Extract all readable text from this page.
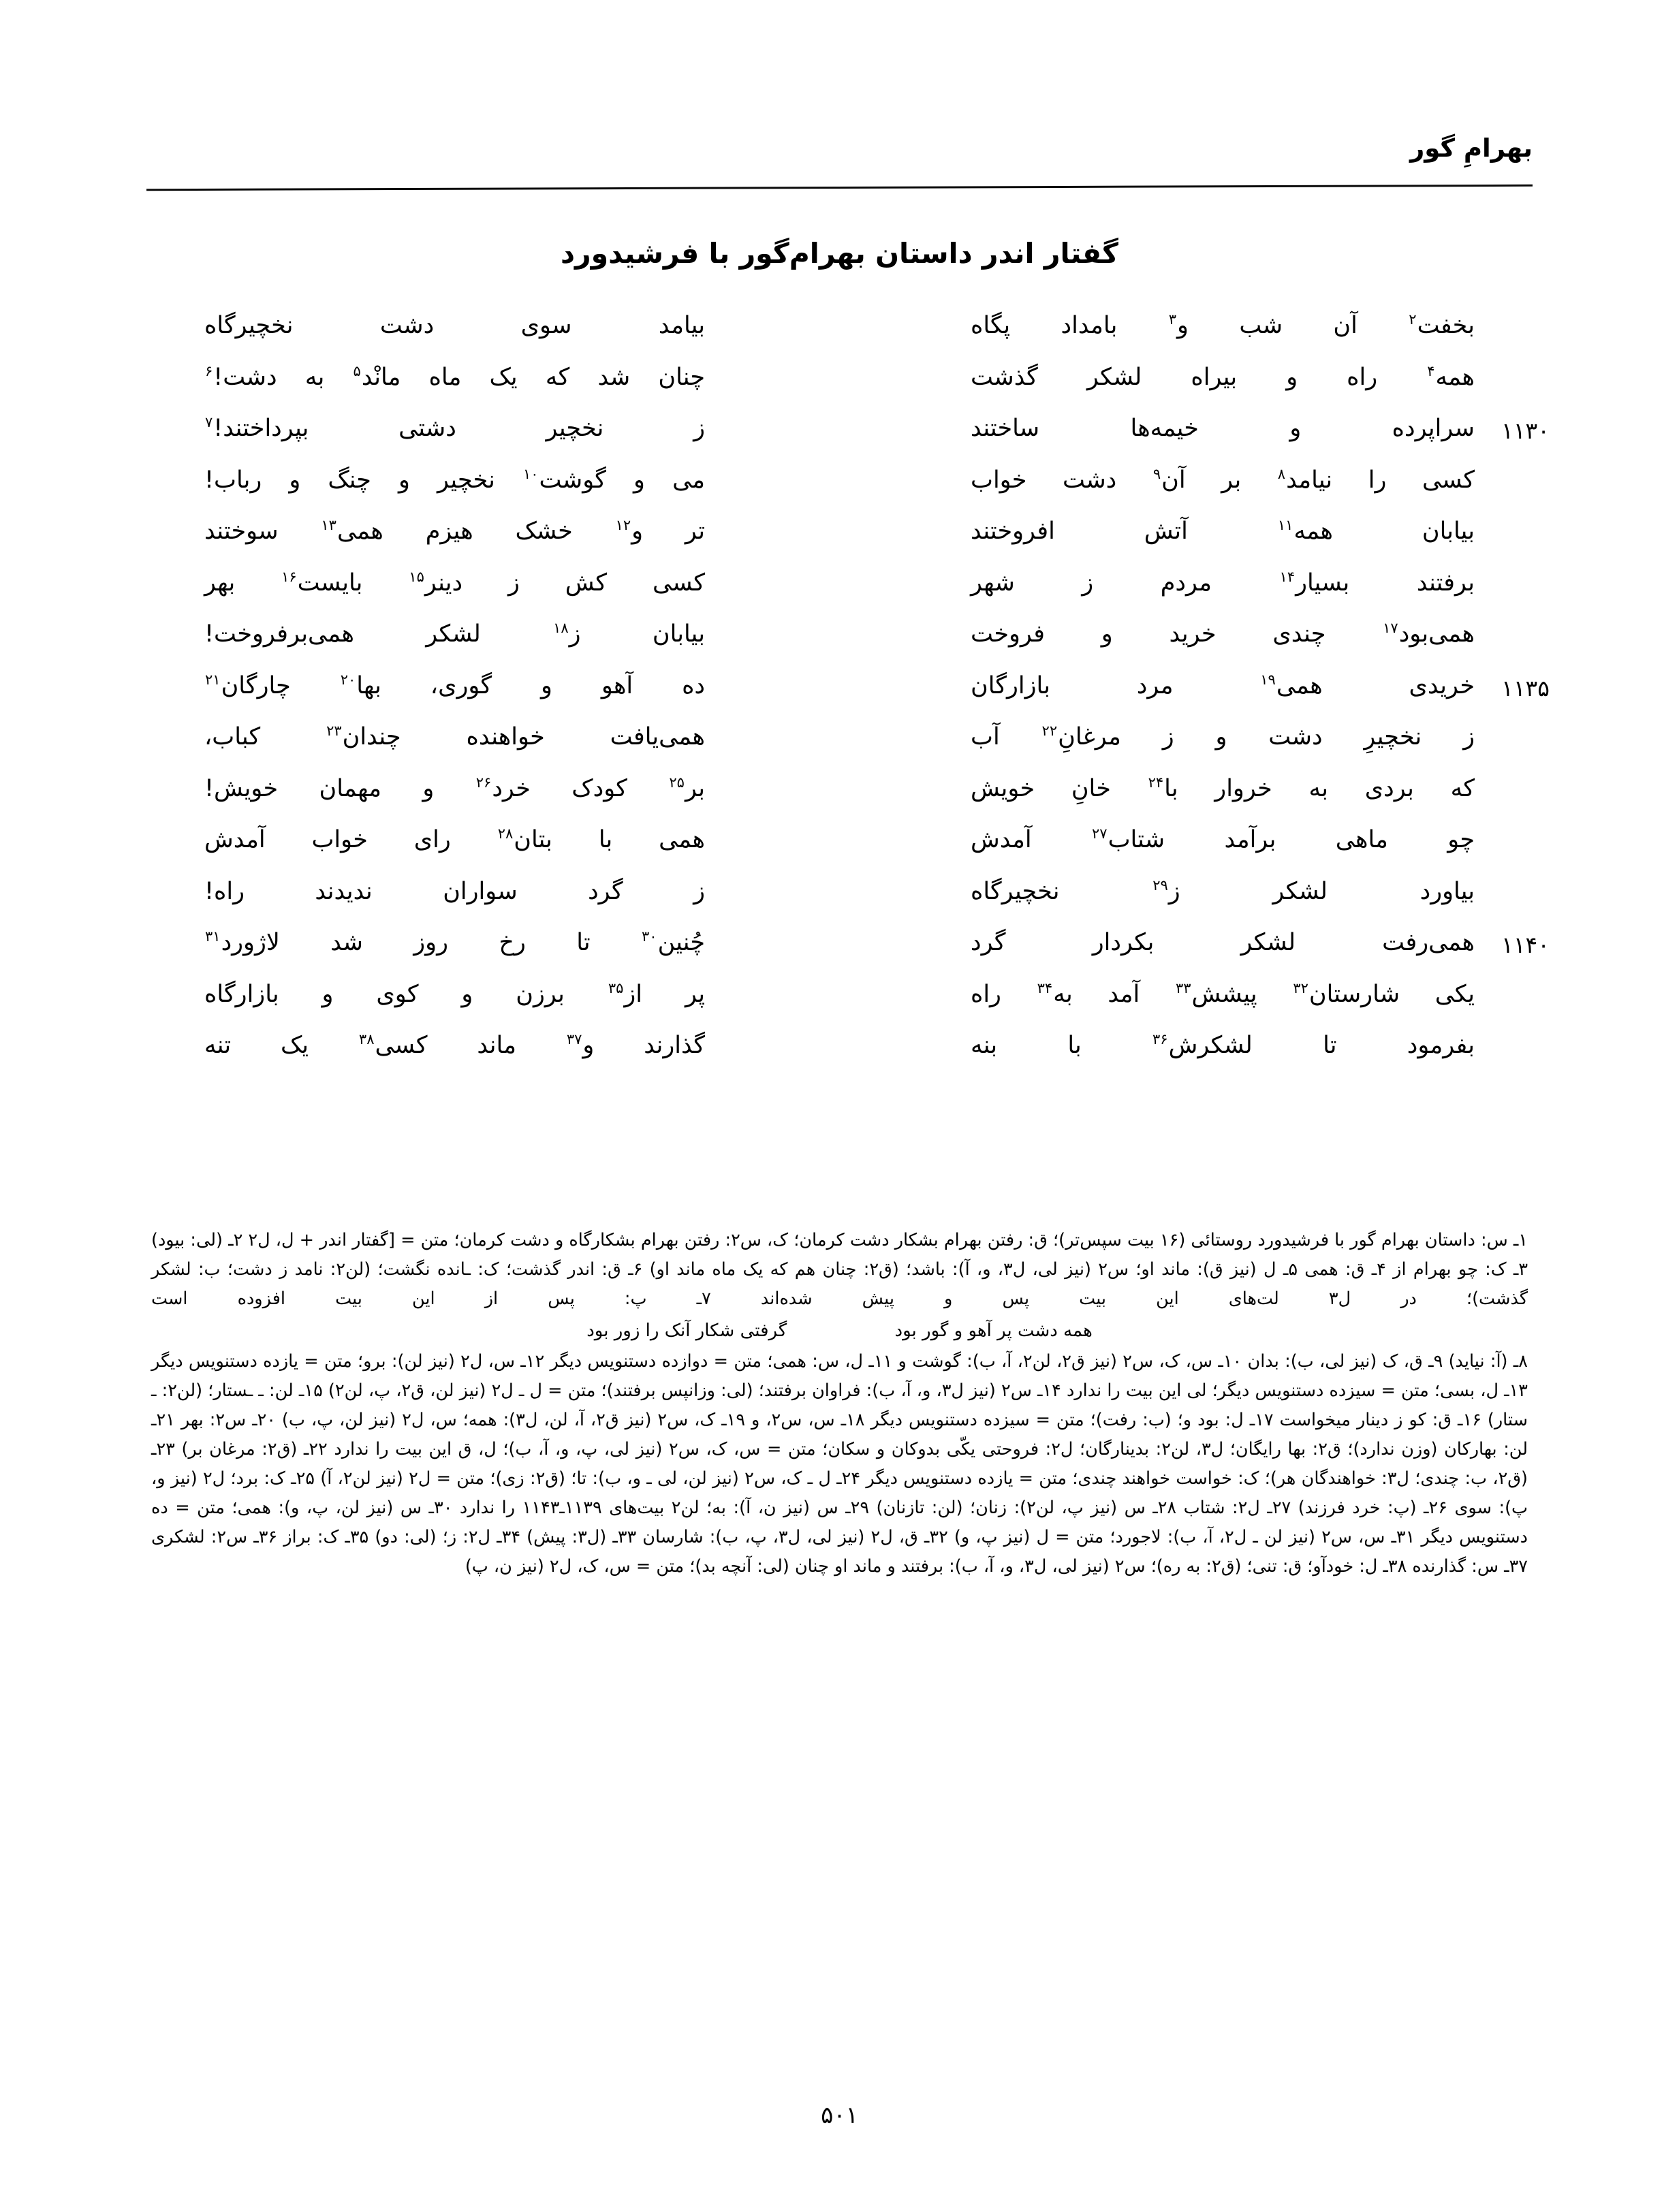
بهرامِ گور
گفتار اندر داستان بهرام‌گور با فرشیدورد
بخفت$^۲$ آن شب و$^۳$ بامداد پگاه
بیامد سوی دشت نخچیرگاه
همه$^۴$ راه و بیراه لشکر گذشت
چنان شد که یک ماه مانْد$^۵$ به دشت!$^۶$
۱۱۳۰
سراپرده و خیمه‌ها ساختند
ز نخچیر دشتی بپرداختند!$^۷$
کسی را نیامد$^۸$ بر آن$^۹$ دشت خواب
می و گوشت$^{۱۰}$ نخچیر و چنگ و رباب!
بیابان همه$^{۱۱}$ آتش افروختند
تر و$^{۱۲}$ خشک هیزم همی$^{۱۳}$ سوختند
برفتند بسیار$^{۱۴}$ مردم ز شهر
کسی کش ز دینر$^{۱۵}$ بایست$^{۱۶}$ بهر
همی‌بود$^{۱۷}$ چندی خرید و فروخت
بیابان ز$^{۱۸}$ لشکر همی‌برفروخت!
۱۱۳۵
خریدی همی$^{۱۹}$ مرد بازارگان
ده آهو و گوری، بها$^{۲۰}$ چارگان$^{۲۱}$
ز نخچیرِ دشت و ز مرغانِ$^{۲۲}$ آب
همی‌یافت خواهنده چندان$^{۲۳}$ کباب،
که بردی به خروار با$^{۲۴}$ خانِ خویش
بر$^{۲۵}$ کودک خرد$^{۲۶}$ و مهمان خویش!
چو ماهی برآمد شتاب$^{۲۷}$ آمدش
همی با بتان$^{۲۸}$ رای خواب آمدش
بیاورد لشکر ز$^{۲۹}$ نخچیرگاه
ز گرد سواران ندیدند راه!
۱۱۴۰
همی‌رفت لشکر بکردار گرد
چُنین$^{۳۰}$ تا رخ روز شد لاژورد$^{۳۱}$
یکی شارستان$^{۳۲}$ پیشش$^{۳۳}$ آمد به$^{۳۴}$ راه
پر از$^{۳۵}$ برزن و کوی و بازارگاه
بفرمود تا لشکرش$^{۳۶}$ با بنه
گذارند و$^{۳۷}$ ماند کسی$^{۳۸}$ یک تنه

۱ـ س: داستان بهرام گور با فرشیدورد روستائی (۱۶ بیت سپس‌تر)؛ ق: رفتن بهرام بشکار دشت کرمان؛ ک، س۲: رفتن بهرام بشکارگاه و دشت کرمان؛ متن = [گفتار اندر + ل، ل۲ ۲ـ (لی: بیود) ۳ـ ک: چو بهرام از ۴ـ ق: همی ۵ـ ل (نیز ق): ماند او؛ س۲ (نیز لی، ل۳، و، آ): باشد؛ (ق۲: چنان هم که یک ماه ماند او) ۶ـ ق: اندر گذشت؛ ک: ـانده نگشت؛ (لن۲: نامد ز دشت؛ ب: لشکر گذشت)؛ در ل۳ لت‌های این بیت پس و پیش شده‌اند ۷ـ پ: پس از این بیت افزوده است

همه دشت پر آهو و گور بود گرفتی شکار آنک را زور بود

۸ـ (آ: نیاید) ۹ـ ق، ک (نیز لی، ب): بدان ۱۰ـ س، ک، س۲ (نیز ق۲، لن۲، آ، ب): گوشت و ۱۱ـ ل، س: همی؛ متن = دوازده دستنویس دیگر ۱۲ـ س، ل۲ (نیز لن): برو؛ متن = یازده دستنویس دیگر ۱۳ـ ل، بسی؛ متن = سیزده دستنویس دیگر؛ لی این بیت را ندارد ۱۴ـ س۲ (نیز ل۳، و، آ، ب): فراوان برفتند؛ (لی: وزانپس برفتند)؛ متن = ل ـ ل۲ (نیز لن، ق۲، پ، لن۲) ۱۵ـ لن: ـ ـستار؛ (لن۲: ـ ستار) ۱۶ـ ق: کو ز دینار میخواست ۱۷ـ ل: بود و؛ (ب: رفت)؛ متن = سیزده دستنویس دیگر ۱۸ـ س، س۲، و ۱۹ـ ک، س۲ (نیز ق۲، آ، لن، ل۳): همه؛ س، ل۲ (نیز لن، پ، ب) ۲۰ـ س۲: بهر ۲۱ـ لن: بهارکان (وزن ندارد)؛ ق۲: بها رایگان؛ ل۳، لن۲: بدینارگان؛ ل۲: فروحتی یکّی بدوکان و سکان؛ متن = س، ک، س۲ (نیز لی، پ، و، آ، ب)؛ ل، ق این بیت را ندارد ۲۲ـ (ق۲: مرغان بر) ۲۳ـ (ق۲، ب: چندی؛ ل۳: خواهندگان هر)؛ ک: خواست خواهند چندی؛ متن = یازده دستنویس دیگر ۲۴ـ ل ـ ک، س۲ (نیز لن، لی ـ و، ب): تا؛ (ق۲: زی)؛ متن = ل۲ (نیز لن۲، آ) ۲۵ـ ک: برد؛ ل۲ (نیز و، پ): سوی ۲۶ـ (پ: خرد فرزند) ۲۷ـ ل۲: شتاب ۲۸ـ س (نیز پ، لن۲): زنان؛ (لن: تازنان) ۲۹ـ س (نیز ن، آ): به؛ لن۲ بیت‌های ۱۱۳۹ـ۱۱۴۳ را ندارد ۳۰ـ س (نیز لن، پ، و): همی؛ متن = ده دستنویس دیگر ۳۱ـ س، س۲ (نیز لن ـ ل۲، آ، ب): لاجورد؛ متن = ل (نیز پ، و) ۳۲ـ ق، ل۲ (نیز لی، ل۳، پ، ب): شارسان ۳۳ـ (ل۳: پیش) ۳۴ـ ل۲: ز؛ (لی: دو) ۳۵ـ ک: براز ۳۶ـ س۲: لشکری ۳۷ـ س: گذارنده ۳۸ـ ل: خودآو؛ ق: تنی؛ (ق۲: به ره)؛ س۲ (نیز لی، ل۳، و، آ، ب): برفتند و ماند او چنان (لی: آنچه بد)؛ متن = س، ک، ل۲ (نیز ن، پ)

۵۰۱
